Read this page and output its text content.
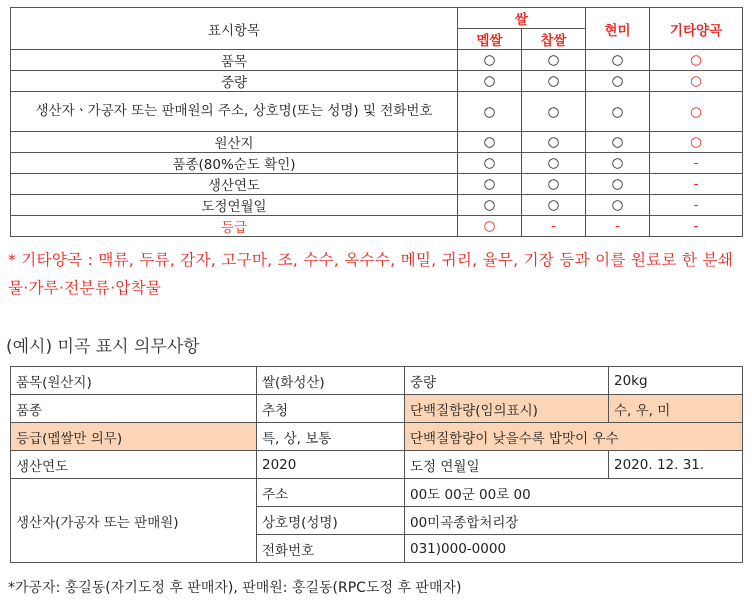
표시항목	쌀		현미	기타양곡
	멥쌀	찹쌀		
품목	○	○	○	○
중량	○	○	○	○
생산자ㆍ가공자 또는 판매원의 주소, 상호명(또는 성명) 및 전화번호	○	○	○	○
원산지	○	○	○	○
품종(80%순도 확인)	○	○	○	-
생산연도	○	○	○	-
도정연월일	○	○	○	-
등급	○	-	-	-
* 기타양곡 : 맥류, 두류, 감자, 고구마, 조, 수수, 옥수수, 메밀, 귀리, 율무, 기장 등과 이를 원료로 한 분쇄물·가루·전분류·압착물
(예시) 미곡 표시 의무사항
품목(원산지)	쌀(화성산)	중량	20kg
품종	추청	단백질함량(임의표시)	수, 우, 미
등급(멥쌀만 의무)	특, 상, 보통	단백질함량이 낮을수록 밥맛이 우수	
생산연도	2020	도정 연월일	2020. 12. 31.
생산자(가공자 또는 판매원)	주소	00도 00군 00로 00	
	상호명(성명)	00미곡종합처리장	
	전화번호	031)000-0000	
*가공자: 홍길동(자기도정 후 판매자), 판매원: 홍길동(RPC도정 후 판매자)
